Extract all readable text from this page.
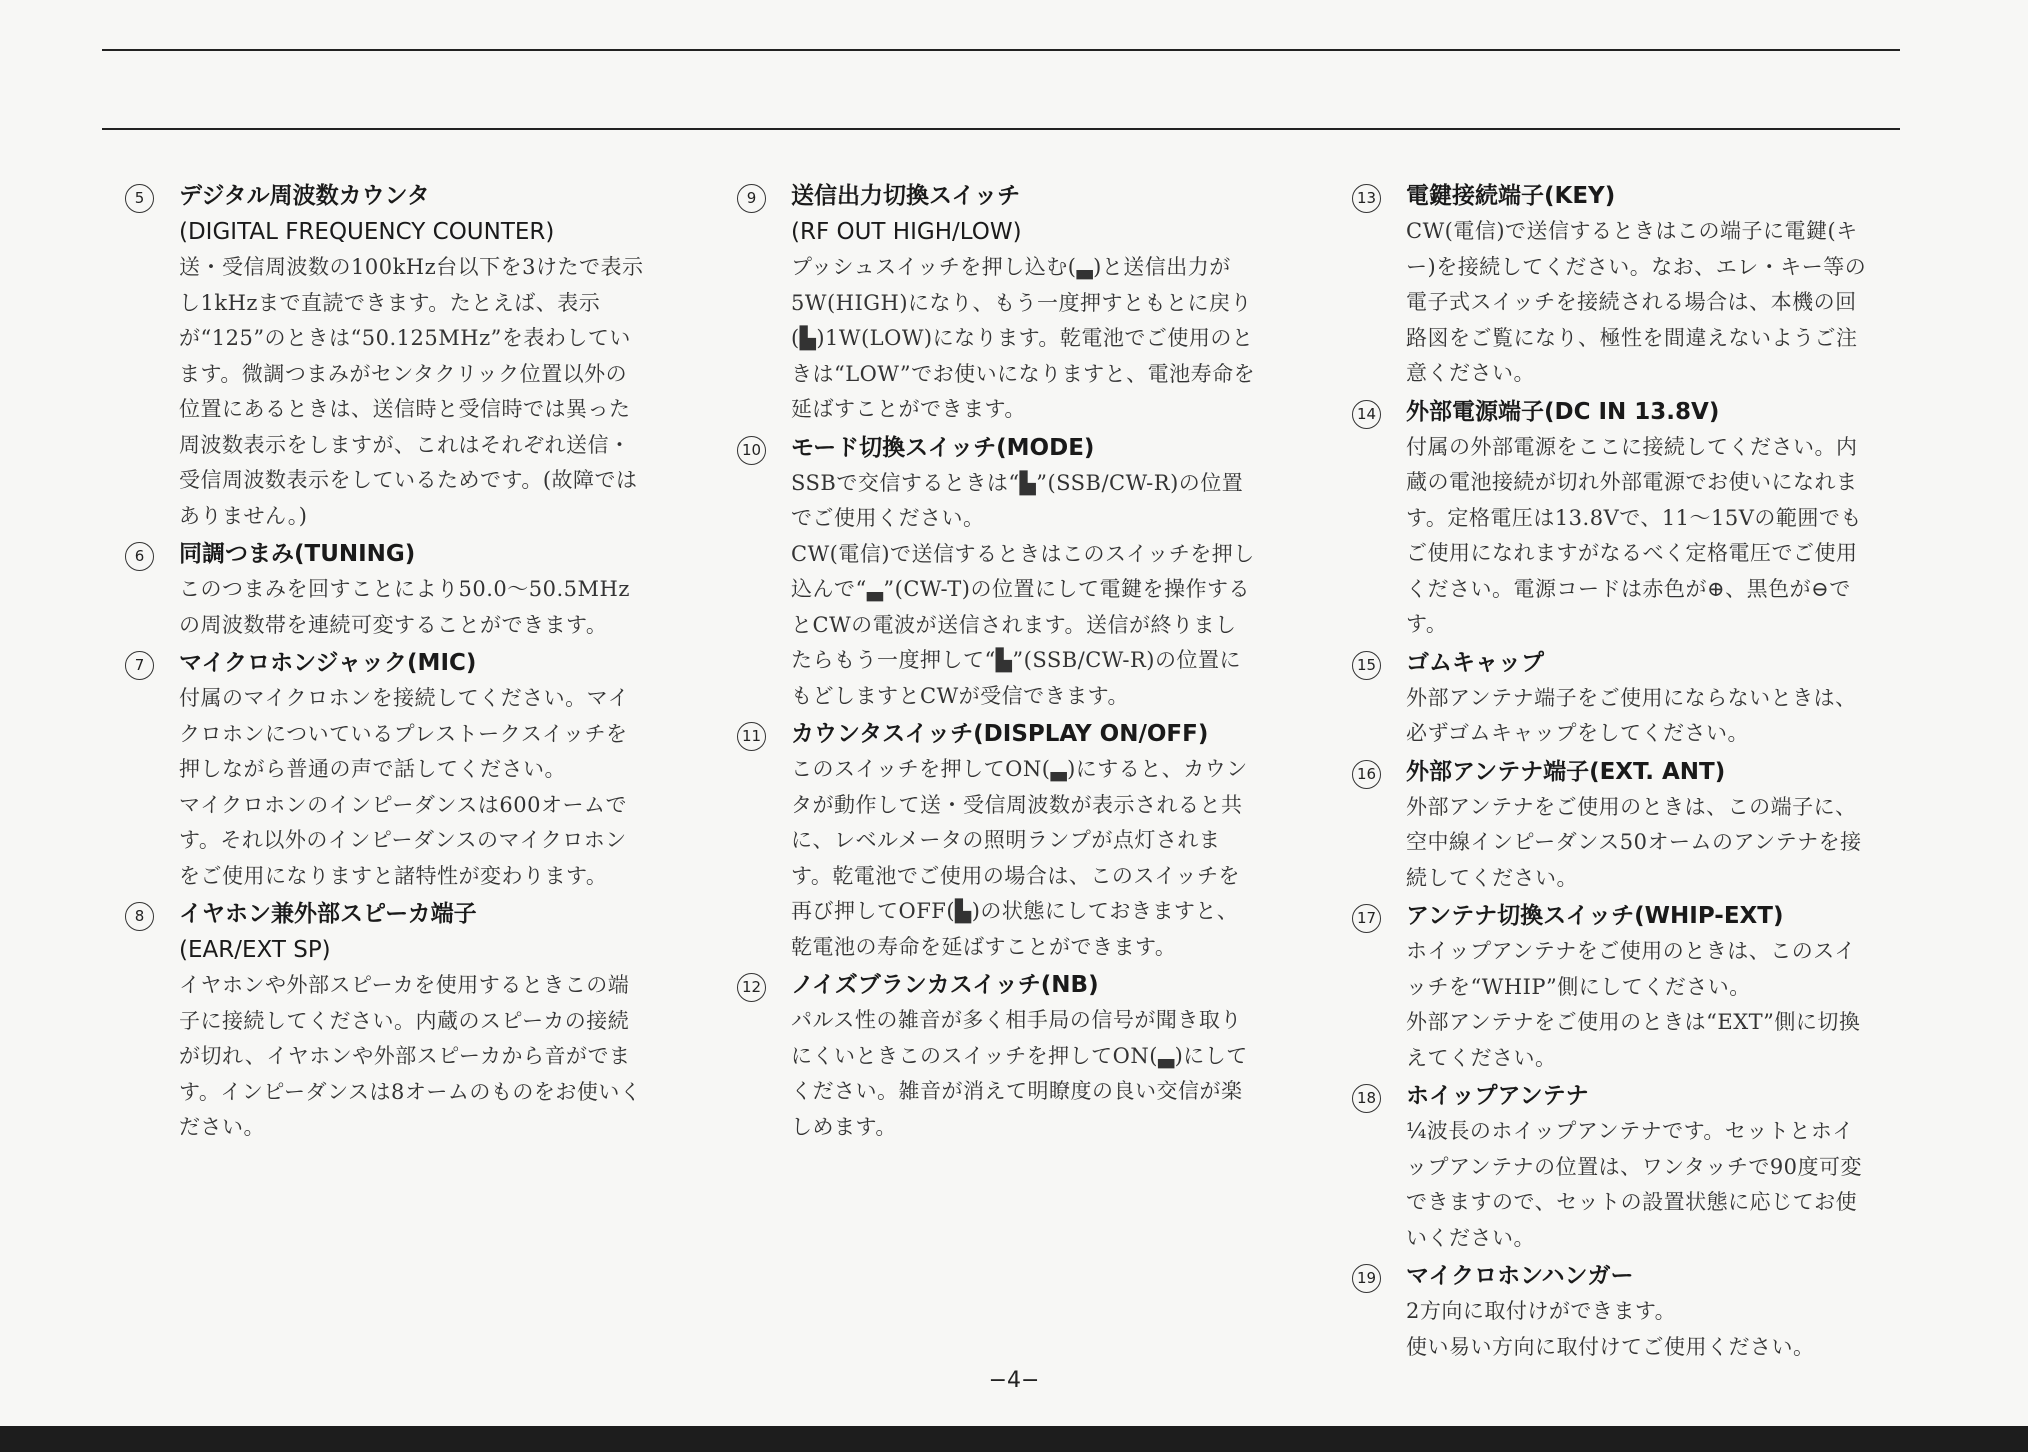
5	デジタル周波数カウンタ
(DIGITAL FREQUENCY COUNTER)
送・受信周波数の100kHz台以下を3けたで表示し1kHzまで直読できます。たとえば、表示が“125”のときは“50.125MHz”を表わしています。微調つまみがセンタクリック位置以外の位置にあるときは、送信時と受信時では異った周波数表示をしますが、これはそれぞれ送信・受信周波数表示をしているためです。(故障ではありません。)
6	同調つまみ(TUNING)
このつまみを回すことにより50.0〜50.5MHzの周波数帯を連続可変することができます。
7	マイクロホンジャック(MIC)
付属のマイクロホンを接続してください。マイクロホンについているプレストークスイッチを押しながら普通の声で話してください。
マイクロホンのインピーダンスは600オームです。それ以外のインピーダンスのマイクロホンをご使用になりますと諸特性が変わります。
8	イヤホン兼外部スピーカ端子
(EAR/EXT SP)
イヤホンや外部スピーカを使用するときこの端子に接続してください。内蔵のスピーカの接続が切れ、イヤホンや外部スピーカから音がでます。インピーダンスは8オームのものをお使いください。
9	送信出力切換スイッチ
(RF OUT HIGH/LOW)
プッシュスイッチを押し込む(▃)と送信出力が5W(HIGH)になり、もう一度押すともとに戻り(▙)1W(LOW)になります。乾電池でご使用のときは“LOW”でお使いになりますと、電池寿命を延ばすことができます。
10 モード切換スイッチ(MODE)
SSBで交信するときは“▙”(SSB/CW-R)の位置でご使用ください。
CW(電信)で送信するときはこのスイッチを押し込んで“▃”(CW-T)の位置にして電鍵を操作するとCWの電波が送信されます。送信が終りましたらもう一度押して“▙”(SSB/CW-R)の位置にもどしますとCWが受信できます。
11 カウンタスイッチ(DISPLAY ON/OFF)
このスイッチを押してON(▃)にすると、カウンタが動作して送・受信周波数が表示されると共に、レベルメータの照明ランプが点灯されます。乾電池でご使用の場合は、このスイッチを再び押してOFF(▙)の状態にしておきますと、乾電池の寿命を延ばすことができます。
12 ノイズブランカスイッチ(NB)
パルス性の雑音が多く相手局の信号が聞き取りにくいときこのスイッチを押してON(▃)にしてください。雑音が消えて明瞭度の良い交信が楽しめます。
13 電鍵接続端子(KEY)
CW(電信)で送信するときはこの端子に電鍵(キー)を接続してください。なお、エレ・キー等の電子式スイッチを接続される場合は、本機の回路図をご覧になり、極性を間違えないようご注意ください。
14 外部電源端子(DC IN 13.8V)
付属の外部電源をここに接続してください。内蔵の電池接続が切れ外部電源でお使いになれます。定格電圧は13.8Vで、11〜15Vの範囲でもご使用になれますがなるべく定格電圧でご使用ください。電源コードは赤色が⊕、黒色が⊖です。
15 ゴムキャップ
外部アンテナ端子をご使用にならないときは、必ずゴムキャップをしてください。
16 外部アンテナ端子(EXT. ANT)
外部アンテナをご使用のときは、この端子に、空中線インピーダンス50オームのアンテナを接続してください。
17 アンテナ切換スイッチ(WHIP-EXT)
ホイップアンテナをご使用のときは、このスイッチを“WHIP”側にしてください。
外部アンテナをご使用のときは“EXT”側に切換えてください。
18 ホイップアンテナ
¼波長のホイップアンテナです。セットとホイップアンテナの位置は、ワンタッチで90度可変できますので、セットの設置状態に応じてお使いください。
19 マイクロホンハンガー
2方向に取付けができます。
使い易い方向に取付けてご使用ください。
−4−
